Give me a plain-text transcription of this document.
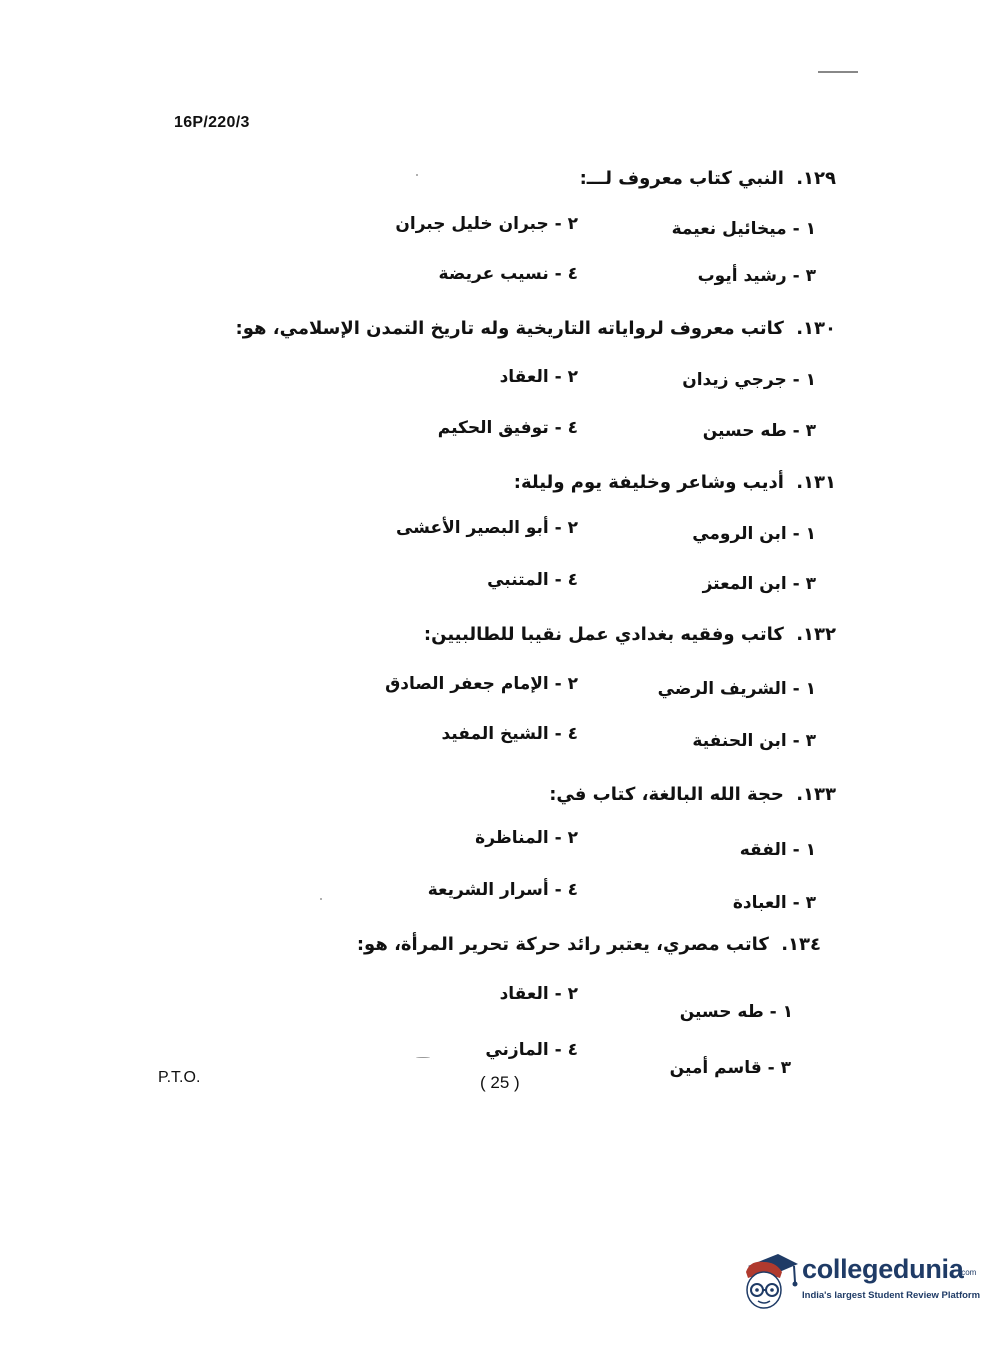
16P/220/3
١٢٩. النبي كتاب معروف لـــ:
١ - ميخائيل نعيمة
٢ - جبران خليل جبران
٣ - رشيد أيوب
٤ - نسيب عريضة
١٣٠. كاتب معروف لرواياته التاريخية وله تاريخ التمدن الإسلامي، هو:
١ - جرجي زيدان
٢ - العقاد
٣ - طه حسين
٤ - توفيق الحكيم
١٣١. أديب وشاعر وخليفة يوم وليلة:
١ - ابن الرومي
٢ - أبو البصير الأعشى
٣ - ابن المعتز
٤ - المتنبي
١٣٢. كاتب وفقيه بغدادي عمل نقيبا للطالبيين:
١ - الشريف الرضي
٢ - الإمام جعفر الصادق
٣ - ابن الحنفية
٤ - الشيخ المفيد
١٣٣. حجة الله البالغة، كتاب في:
١ - الفقه
٢ - المناظرة
٣ - العبادة
٤ - أسرار الشريعة
١٣٤. كاتب مصري، يعتبر رائد حركة تحرير المرأة، هو:
١ - طه حسين
٢ - العقاد
٣ - قاسم أمين
٤ - المازني
P.T.O.	( 25 )
collegedunia
.com
India's largest Student Review Platform
